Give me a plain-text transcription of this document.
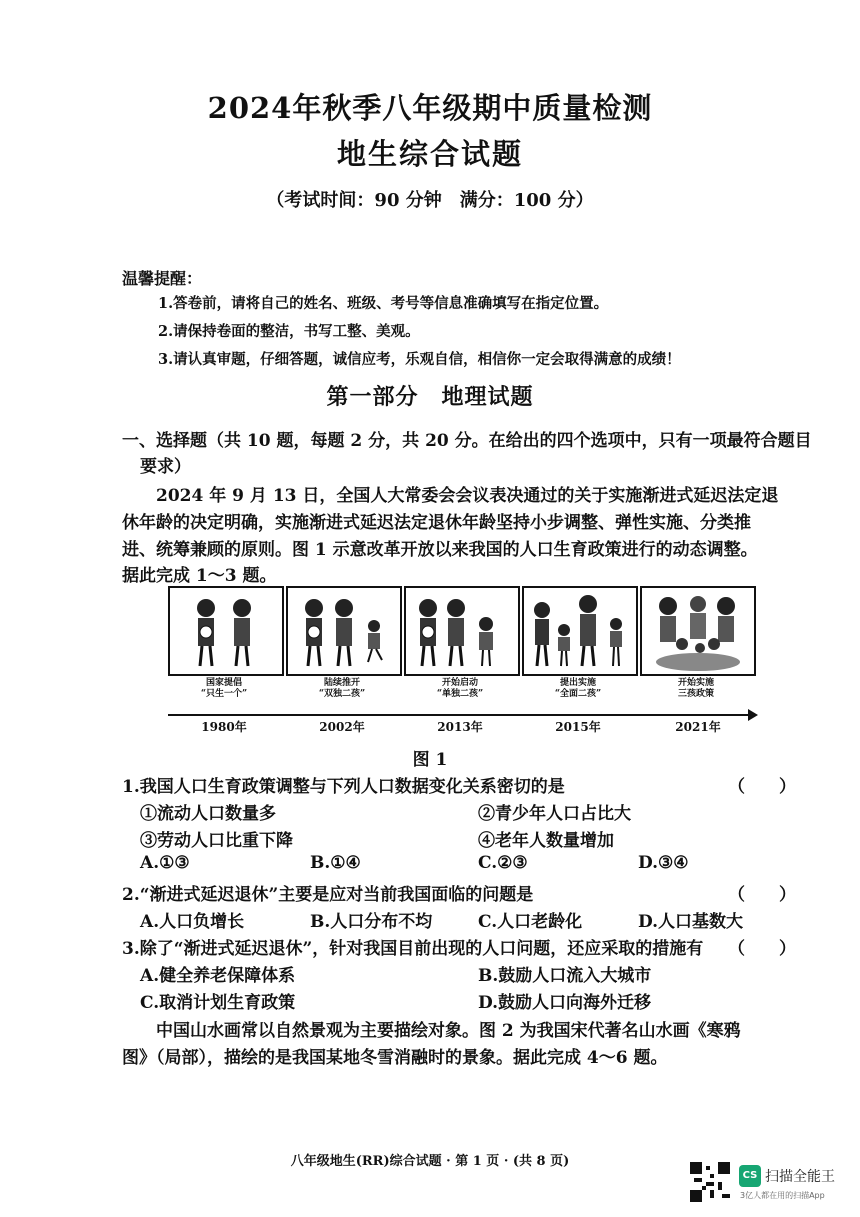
2024年秋季八年级期中质量检测
地生综合试题
（考试时间：90 分钟　满分：100 分）
温馨提醒：
1.答卷前，请将自己的姓名、班级、考号等信息准确填写在指定位置。
2.请保持卷面的整洁，书写工整、美观。
3.请认真审题，仔细答题，诚信应考，乐观自信，相信你一定会取得满意的成绩！
第一部分　地理试题
一、选择题（共 10 题，每题 2 分，共 20 分。在给出的四个选项中，只有一项最符合题目
要求）
　　2024 年 9 月 13 日，全国人大常委会会议表决通过的关于实施渐进式延迟法定退
休年龄的决定明确，实施渐进式延迟法定退休年龄坚持小步调整、弹性实施、分类推
进、统筹兼顾的原则。图 1 示意改革开放以来我国的人口生育政策进行的动态调整。
据此完成 1～3 题。
国家提倡
“只生一个”
陆续推开
“双独二孩”
开始启动
“单独二孩”
提出实施
“全面二孩”
开始实施
三孩政策
1980年	2002年	2013年	2015年	2021年
图 1
1.我国人口生育政策调整与下列人口数据变化关系密切的是	（　　）
①流动人口数量多	②青少年人口占比大
③劳动人口比重下降	④老年人数量增加
A.①③	B.①④	C.②③	D.③④
2.“渐进式延迟退休”主要是应对当前我国面临的问题是	（　　）
A.人口负增长	B.人口分布不均	C.人口老龄化	D.人口基数大
3.除了“渐进式延迟退休”，针对我国目前出现的人口问题，还应采取的措施有 （　　）
A.健全养老保障体系	B.鼓励人口流入大城市
C.取消计划生育政策	D.鼓励人口向海外迁移
　　中国山水画常以自然景观为主要描绘对象。图 2 为我国宋代著名山水画《寒鸦
图》（局部），描绘的是我国某地冬雪消融时的景象。据此完成 4～6 题。
八年级地生(RR)综合试题 · 第 1 页 · (共 8 页)
CS 扫描全能王
3亿人都在用的扫描App
